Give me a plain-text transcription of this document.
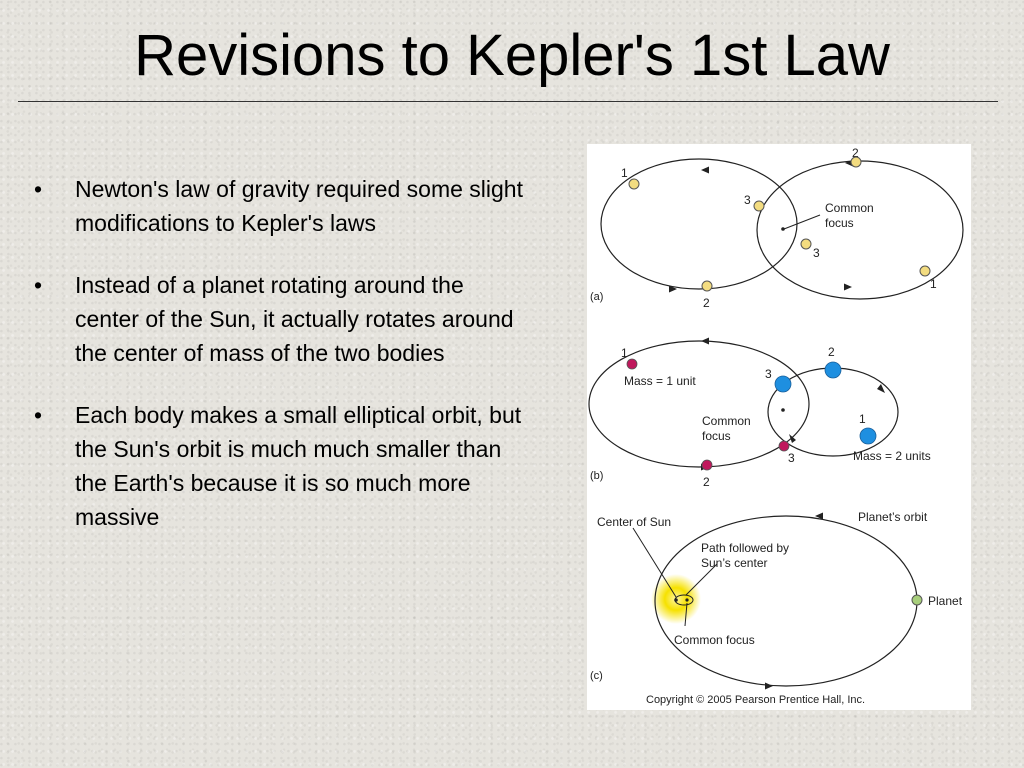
Revisions to Kepler's 1st Law
• Newton's law of gravity required some slight modifications to Kepler's laws
• Instead of a planet rotating around the center of the Sun, it actually rotates around the center of mass of the two bodies
• Each body makes a small elliptical orbit, but the Sun's orbit is much much smaller than the Earth's because it is so much more massive
1
2
3
3
2
1
Common
focus
(a)
1	2
3
1
3
2
Mass = 1 unit
Mass = 2 units
Common
focus
(b)
Center of Sun	Planet’s orbit
Path followed by
Sun’s center
Planet
Common focus
(c)
Copyright © 2005 Pearson Prentice Hall, Inc.
